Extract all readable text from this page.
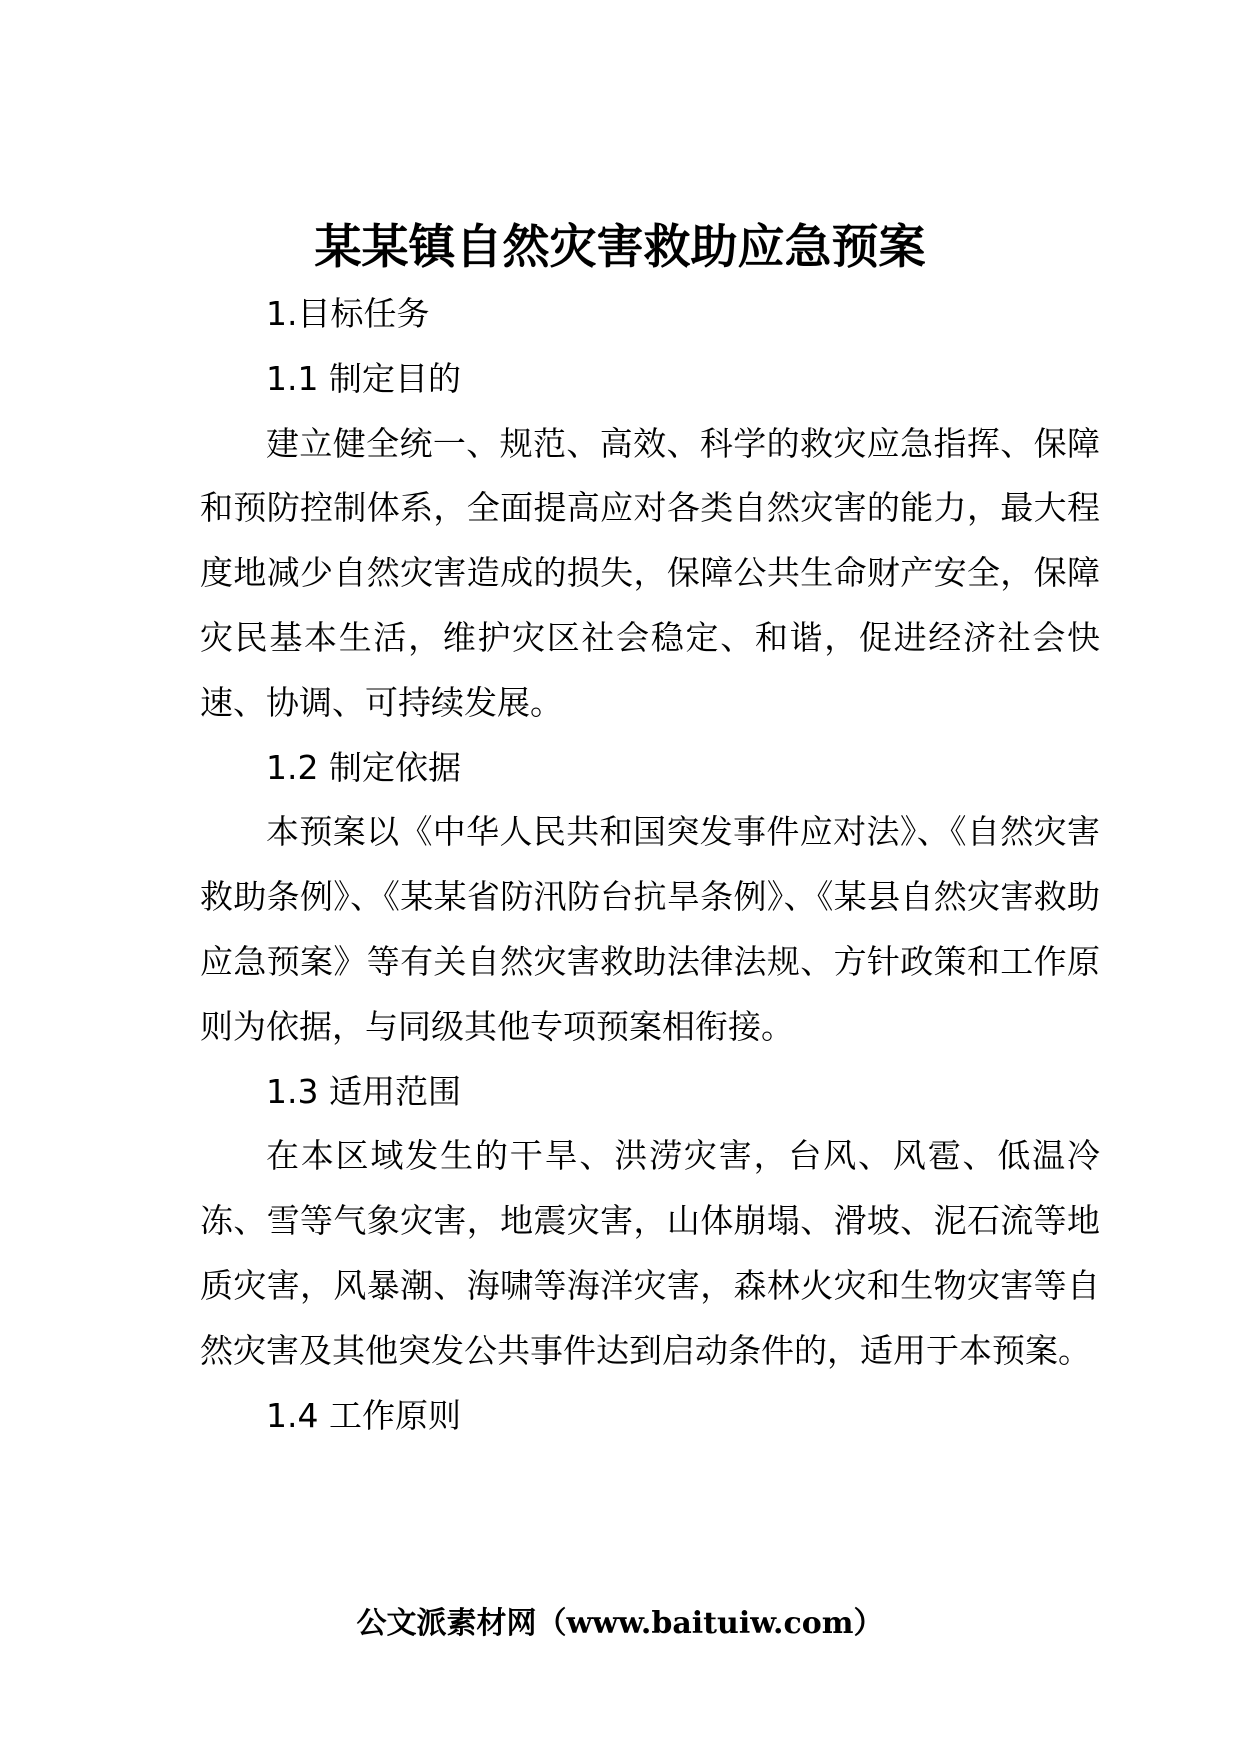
某某镇自然灾害救助应急预案

1.目标任务

1.1 制定目的

建立健全统一、规范、高效、科学的救灾应急指挥、保障和预防控制体系，全面提高应对各类自然灾害的能力，最大程度地减少自然灾害造成的损失，保障公共生命财产安全，保障灾民基本生活，维护灾区社会稳定、和谐，促进经济社会快速、协调、可持续发展。

1.2 制定依据

本预案以《中华人民共和国突发事件应对法》、《自然灾害救助条例》、《某某省防汛防台抗旱条例》、《某县自然灾害救助应急预案》等有关自然灾害救助法律法规、方针政策和工作原则为依据，与同级其他专项预案相衔接。

1.3 适用范围

在本区域发生的干旱、洪涝灾害，台风、风雹、低温冷冻、雪等气象灾害，地震灾害，山体崩塌、滑坡、泥石流等地质灾害，风暴潮、海啸等海洋灾害，森林火灾和生物灾害等自然灾害及其他突发公共事件达到启动条件的，适用于本预案。

1.4 工作原则

公文派素材网（www.baituiw.com）
